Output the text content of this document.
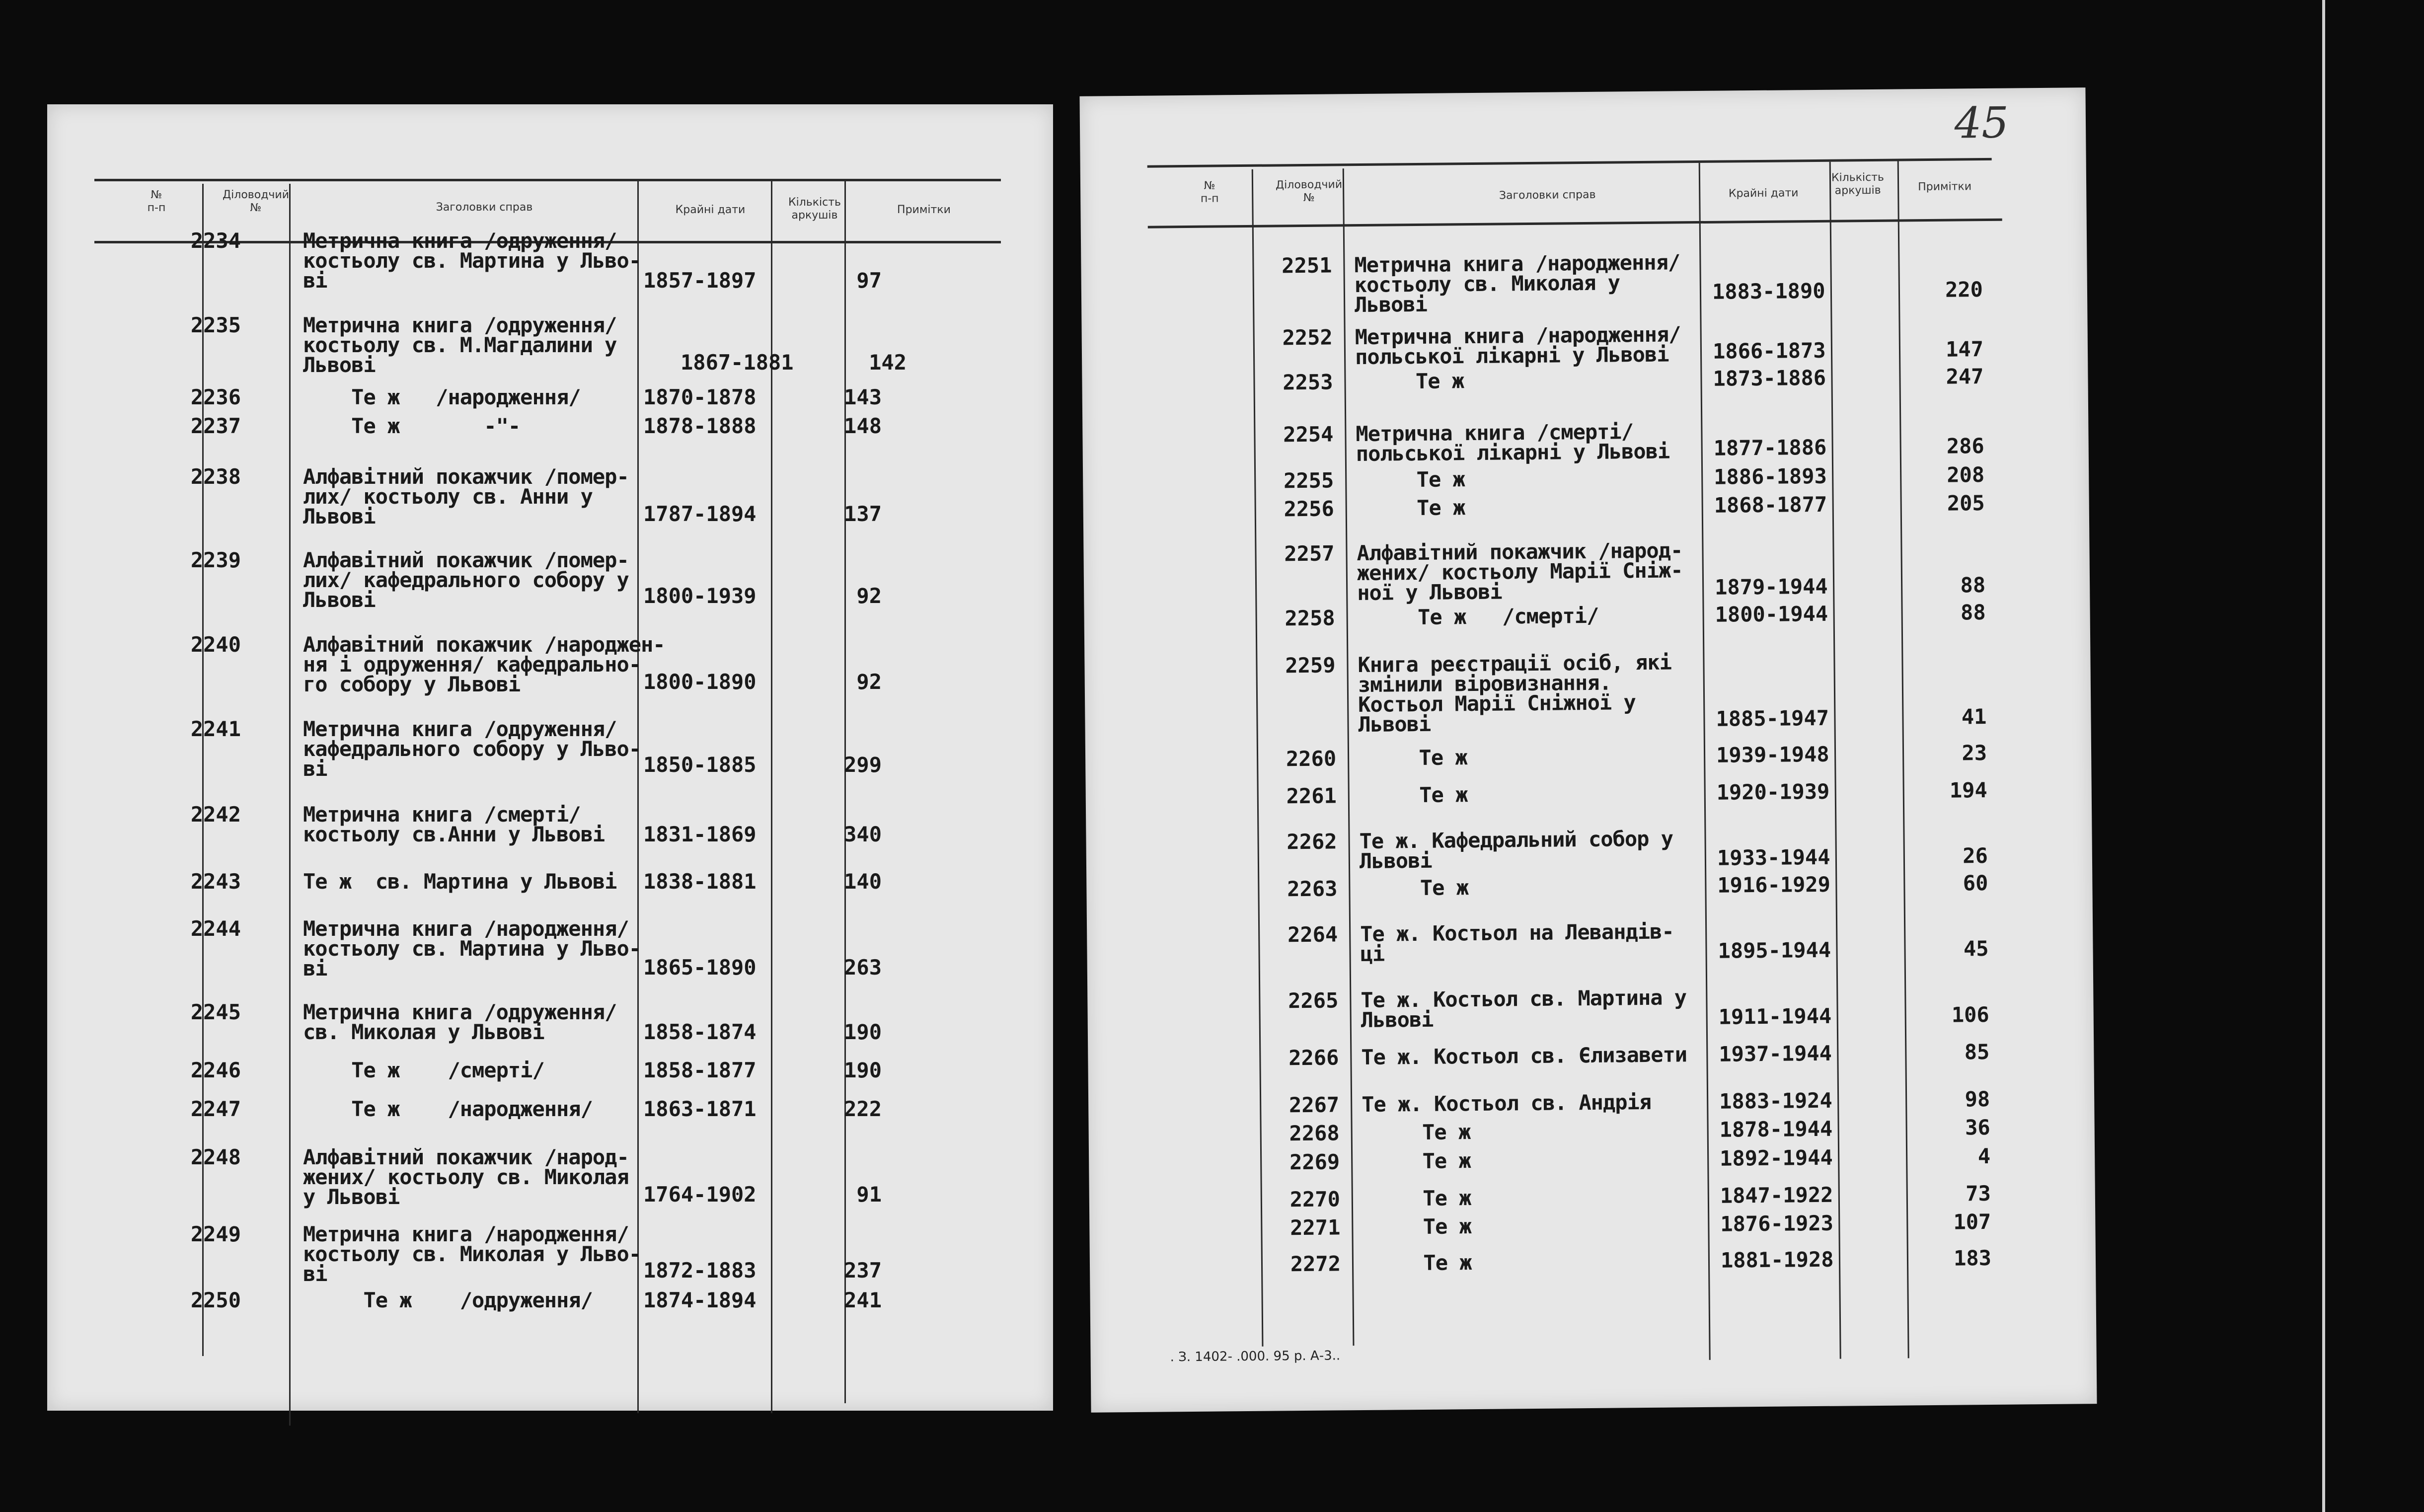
№
п-п
Діловодчий
№	Заголовки справ	Крайні дати
Кількість
аркушів	Примітки
2234	Метрична книга /одруження/
костьолу св. Мартина у Льво-
ві	1857-1897	97
2235	Метрична книга /одруження/
костьолу св. М.Магдалини у
Львові	1867-1881	142
2236	Те ж   /народження/	1870-1878	143
2237	Те ж       -"-	1878-1888	148
2238	Алфавітний покажчик /помер-
лих/ костьолу св. Анни у
Львові	1787-1894	137
2239	Алфавітний покажчик /помер-
лих/ кафедрального собору у
Львові	1800-1939	92
2240	Алфавітний покажчик /народжен-
ня і одруження/ кафедрально-
го собору у Львові	1800-1890	92
2241	Метрична книга /одруження/
кафедрального собору у Льво-
ві	1850-1885	299
2242	Метрична книга /смерті/
костьолу св.Анни у Львові	1831-1869	340
2243	Те ж  св. Мартина у Львові	1838-1881	140
2244	Метрична книга /народження/
костьолу св. Мартина у Льво-
ві	1865-1890	263
2245	Метрична книга /одруження/
св. Миколая у Львові	1858-1874	190
2246	Те ж    /смерті/	1858-1877	190
2247	Те ж    /народження/	1863-1871	222
2248	Алфавітний покажчик /народ-
жених/ костьолу св. Миколая
у Львові	1764-1902	91
2249	Метрична книга /народження/
костьолу св. Миколая у Льво-
ві	1872-1883	237
2250	Те ж    /одруження/	1874-1894	241
45
№
п-п
Діловодчий
№	Заголовки справ	Крайні дати
Кількість
аркушів	Примітки
2251 Метрична книга /народження/
костьолу св. Миколая у
Львові
1883-1890	220
2252 Метрична книга /народження/
польської лікарні у Львові	1866-1873	147
2253 Те ж	1873-1886	247
2254 Метрична книга /смерті/
польської лікарні у Львові	1877-1886	286
2255 Те ж	1886-1893	208
2256 Те ж	1868-1877	205
2257 Алфавітний покажчик /народ-
жених/ костьолу Марії Сніж-
ної у Львові	1879-1944	88
2258 Те ж   /смерті/	1800-1944	88
2259 Книга реєстрації осіб, які
змінили віровизнання.
Костьол Марії Сніжної у
Львові	1885-1947	41
2260 Те ж	1939-1948	23
2261 Те ж	1920-1939	194
2262 Те ж. Кафедральний собор у
Львові	1933-1944	26
2263 Те ж	1916-1929	60
2264 Те ж. Костьол на Левандів-
ці	1895-1944	45
2265 Те ж. Костьол св. Мартина у
Львові	1911-1944	106
2266 Те ж. Костьол св. Єлизавети	1937-1944	85
2267 Те ж. Костьол св. Андрія	1883-1924	98
2268 Те ж	1878-1944	36
2269 Те ж	1892-1944	4
2270 Те ж	1847-1922	73
2271 Те ж	1876-1923	107
2272 Те ж	1881-1928	183
. З. 1402- .000. 95 р. А-3..
